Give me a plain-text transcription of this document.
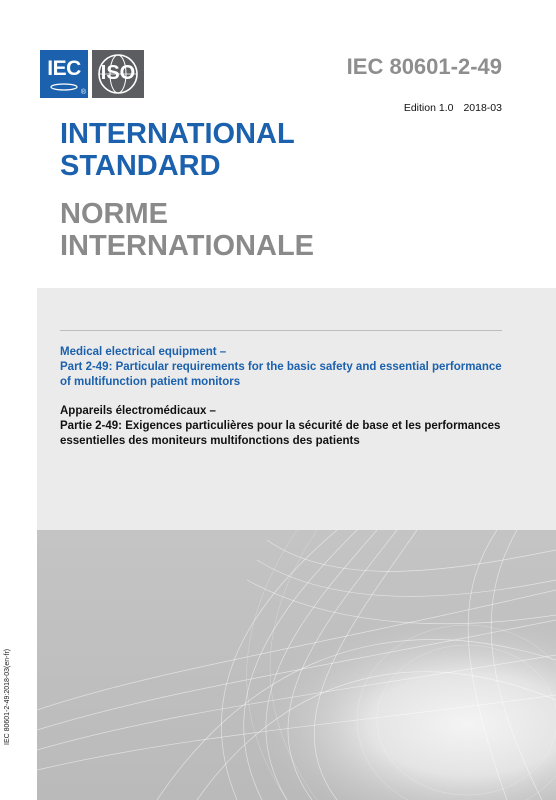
IEC
®
ISO	IEC 80601-2-49
Edition 1.0 2018-03
INTERNATIONAL
STANDARD
NORME
INTERNATIONALE
Medical electrical equipment –
Part 2-49: Particular requirements for the basic safety and essential performance
of multifunction patient monitors
Appareils électromédicaux –
Partie 2-49: Exigences particulières pour la sécurité de base et les performances
essentielles des moniteurs multifonctions des patients
IEC 80601-2-49:2018-03(en-fr)
